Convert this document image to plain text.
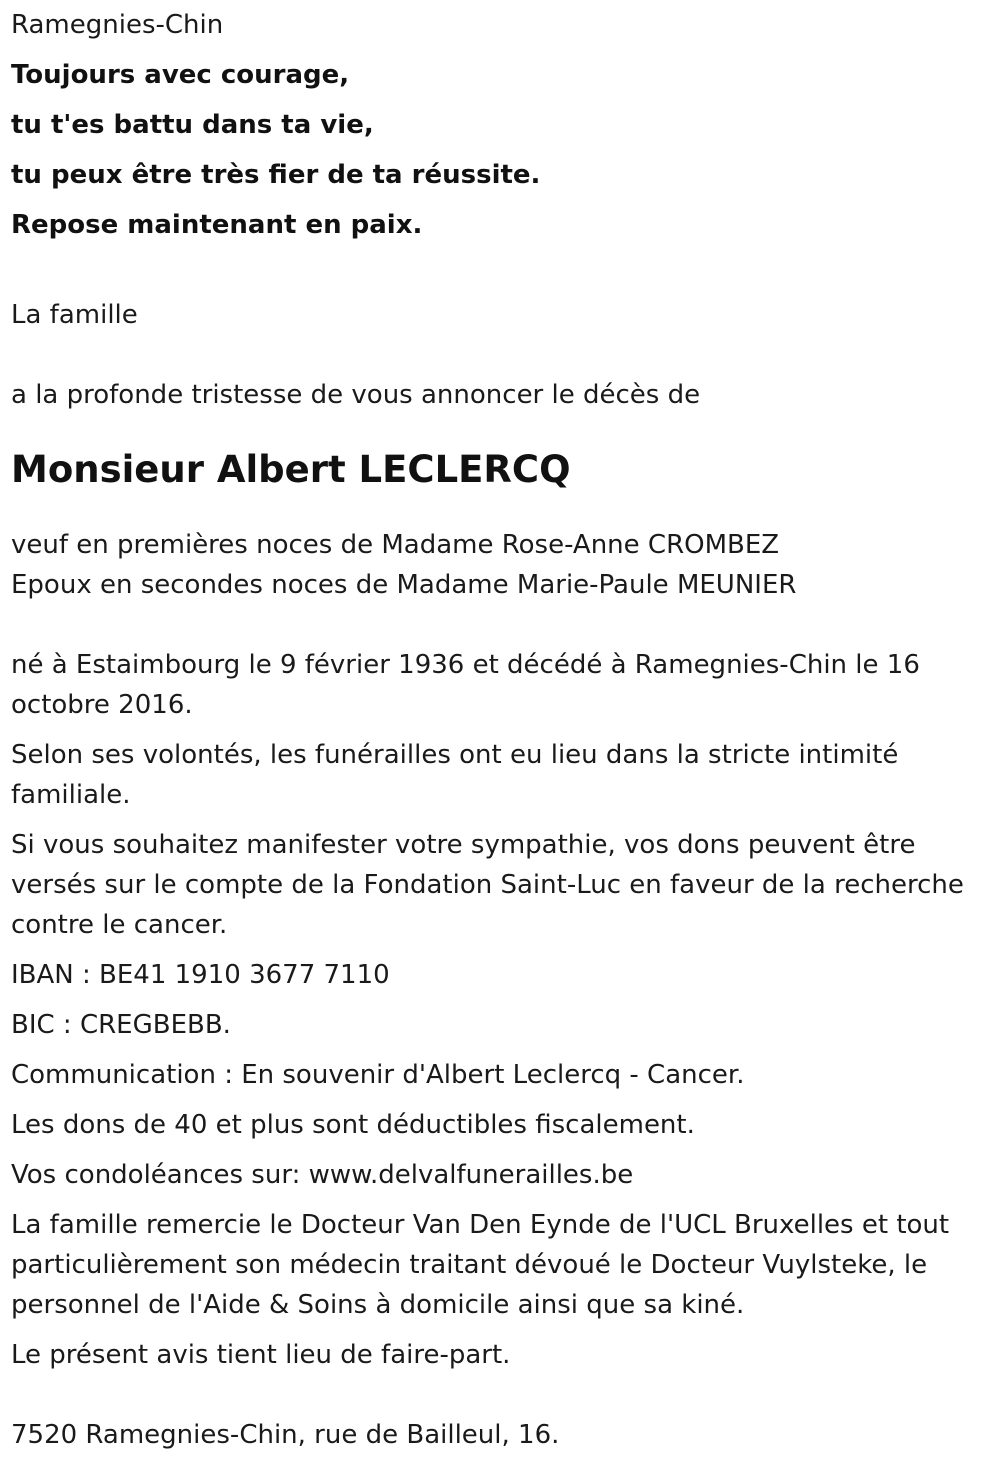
Ramegnies-Chin

Toujours avec courage,

tu t'es battu dans ta vie,

tu peux être très fier de ta réussite.

Repose maintenant en paix.

La famille

a la profonde tristesse de vous annoncer le décès de

Monsieur Albert LECLERCQ

veuf en premières noces de Madame Rose-Anne CROMBEZ

Epoux en secondes noces de Madame Marie-Paule MEUNIER

né à Estaimbourg le 9 février 1936 et décédé à Ramegnies-Chin le 16 octobre 2016.

Selon ses volontés, les funérailles ont eu lieu dans la stricte intimité familiale.

Si vous souhaitez manifester votre sympathie, vos dons peuvent être versés sur le compte de la Fondation Saint-Luc en faveur de la recherche contre le cancer.

IBAN : BE41 1910 3677 7110

BIC : CREGBEBB.

Communication : En souvenir d'Albert Leclercq - Cancer.

Les dons de 40 et plus sont déductibles fiscalement.

Vos condoléances sur: www.delvalfunerailles.be

La famille remercie le Docteur Van Den Eynde de l'UCL Bruxelles et tout particulièrement son médecin traitant dévoué le Docteur Vuylsteke, le personnel de l'Aide & Soins à domicile ainsi que sa kiné.

Le présent avis tient lieu de faire-part.

7520 Ramegnies-Chin, rue de Bailleul, 16.
